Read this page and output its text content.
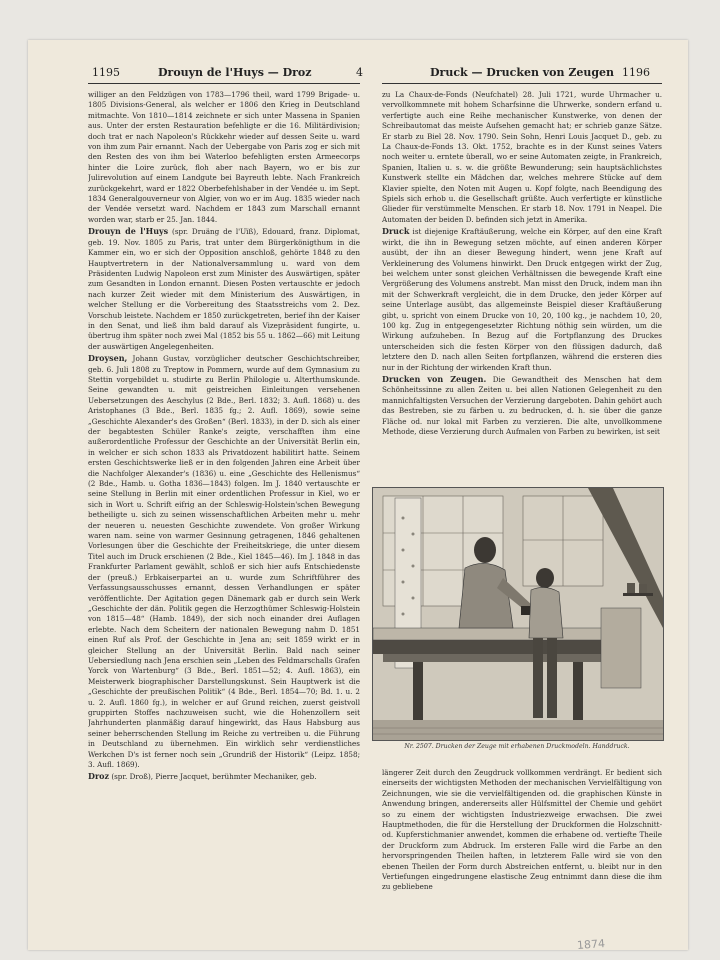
1195	Drouyn de l'Huys — Droz	4	Druck — Drucken von Zeugen 1196

williger an den Feldzügen von 1783—1796 theil, ward 1799 Brigade- u. 1805 Divisions-General, als welcher er 1806 den Krieg in Deutschland mitmachte. Von 1810—1814 zeichnete er sich unter Massena in Spanien aus. Unter der ersten Restauration befehligte er die 16. Militärdivision; doch trat er nach Napoleon's Rückkehr wieder auf dessen Seite u. ward von ihm zum Pair ernannt. Nach der Uebergabe von Paris zog er sich mit den Resten des von ihm bei Waterloo befehligten ersten Armeecorps hinter die Loire zurück, floh aber nach Bayern, wo er bis zur Julirevolution auf einem Landgute bei Bayreuth lebte. Nach Frankreich zurückgekehrt, ward er 1822 Oberbefehlshaber in der Vendée u. im Sept. 1834 Generalgouverneur von Algier, von wo er im Aug. 1835 wieder nach der Vendée versetzt ward. Nachdem er 1843 zum Marschall ernannt worden war, starb er 25. Jan. 1844.

Drouyn de l'Huys (spr. Druäng de l'Uïß), Edouard, franz. Diplomat, geb. 19. Nov. 1805 zu Paris, trat unter dem Bürgerkönigthum in die Kammer ein, wo er sich der Opposition anschloß, gehörte 1848 zu den Hauptvertretern in der Nationalversammlung u. ward von dem Präsidenten Ludwig Napoleon erst zum Minister des Auswärtigen, später zum Gesandten in London ernannt. Diesen Posten vertauschte er jedoch nach kurzer Zeit wieder mit dem Ministerium des Auswärtigen, in welcher Stellung er die Vorbereitung des Staatsstreichs vom 2. Dez. Vorschub leistete. Nachdem er 1850 zurückgetreten, berief ihn der Kaiser in den Senat, und ließ ihm bald darauf als Vizepräsident fungirte, u. übertrug ihm später noch zwei Mal (1852 bis 55 u. 1862—66) mit Leitung der auswärtigen Angelegenheiten.

Droysen, Johann Gustav, vorzüglicher deutscher Geschichtschreiber, geb. 6. Juli 1808 zu Treptow in Pommern, wurde auf dem Gymnasium zu Stettin vorgebildet u. studirte zu Berlin Philologie u. Alterthumskunde. Seine gewandten u. mit geistreichen Einleitungen versehenen Uebersetzungen des Aeschylus (2 Bde., Berl. 1832; 3. Aufl. 1868) u. des Aristophanes (3 Bde., Berl. 1835 fg.; 2. Aufl. 1869), sowie seine „Geschichte Alexander's des Großen“ (Berl. 1833), in der D. sich als einer der begabtesten Schüler Ranke's zeigte, verschafften ihm eine außerordentliche Professur der Geschichte an der Universität Berlin ein, in welcher er sich schon 1833 als Privatdozent habilitirt hatte. Seinem ersten Geschichtswerke ließ er in den folgenden Jahren eine Arbeit über die Nachfolger Alexander's (1836) u. eine „Geschichte des Hellenismus“ (2 Bde., Hamb. u. Gotha 1836—1843) folgen. Im J. 1840 vertauschte er seine Stellung in Berlin mit einer ordentlichen Professur in Kiel, wo er sich in Wort u. Schrift eifrig an der Schleswig-Holstein'schen Bewegung betheiligte u. sich zu seinen wissenschaftlichen Arbeiten mehr u. mehr der neueren u. neuesten Geschichte zuwendete. Von großer Wirkung waren nam. seine von warmer Gesinnung getragenen, 1846 gehaltenen Vorlesungen über die Geschichte der Freiheitskriege, die unter diesem Titel auch im Druck erschienen (2 Bde., Kiel 1845—46). Im J. 1848 in das Frankfurter Parlament gewählt, schloß er sich hier aufs Entschiedenste der (preuß.) Erbkaiserpartei an u. wurde zum Schriftführer des Verfassungsausschusses ernannt, dessen Verhandlungen er später veröffentlichte. Der Agitation gegen Dänemark gab er durch sein Werk „Geschichte der dän. Politik gegen die Herzogthümer Schleswig-Holstein von 1815—48“ (Hamb. 1849), der sich noch einander drei Auflagen erlebte. Nach dem Scheitern der nationalen Bewegung nahm D. 1851 einen Ruf als Prof. der Geschichte in Jena an; seit 1859 wirkt er in gleicher Stellung an der Universität Berlin. Bald nach seiner Uebersiedlung nach Jena erschien sein „Leben des Feldmarschalls Grafen Yorck von Wartenburg“ (3 Bde., Berl. 1851—52; 4. Aufl. 1863), ein Meisterwerk biographischer Darstellungskunst. Sein Hauptwerk ist die „Geschichte der preußischen Politik“ (4 Bde., Berl. 1854—70; Bd. 1. u. 2 u. 2. Aufl. 1860 fg.), in welcher er auf Grund reichen, zuerst geistvoll gruppirten Stoffes nachzuweisen sucht, wie die Hohenzollern seit Jahrhunderten planmäßig darauf hingewirkt, das Haus Habsburg aus seiner beherrschenden Stellung im Reiche zu vertreiben u. die Führung in Deutschland zu übernehmen. Ein wirklich sehr verdienstliches Werkchen D's ist ferner noch sein „Grundriß der Historik“ (Leipz. 1858; 3. Aufl. 1869).

Droz (spr. Droß), Pierre Jacquet, berühmter Mechaniker, geb.

zu La Chaux-de-Fonds (Neufchatel) 28. Juli 1721, wurde Uhrmacher u. vervollkommnete mit hohem Scharfsinne die Uhrwerke, sondern erfand u. verfertigte auch eine Reihe mechanischer Kunstwerke, von denen der Schreibautomat das meiste Aufsehen gemacht hat; er schrieb ganze Sätze. Er starb zu Biel 28. Nov. 1790. Sein Sohn, Henri Louis Jacquet D., geb. zu La Chaux-de-Fonds 13. Okt. 1752, brachte es in der Kunst seines Vaters noch weiter u. erntete überall, wo er seine Automaten zeigte, in Frankreich, Spanien, Italien u. s. w. die größte Bewunderung; sein hauptsächlichstes Kunstwerk stellte ein Mädchen dar, welches mehrere Stücke auf dem Klavier spielte, den Noten mit Augen u. Kopf folgte, nach Beendigung des Spiels sich erhob u. die Gesellschaft grüßte. Auch verfertigte er künstliche Glieder für verstümmelte Menschen. Er starb 18. Nov. 1791 in Neapel. Die Automaten der beiden D. befinden sich jetzt in Amerika.

Druck ist diejenige Kraftäußerung, welche ein Körper, auf den eine Kraft wirkt, die ihn in Bewegung setzen möchte, auf einen anderen Körper ausübt, der ihn an dieser Bewegung hindert, wenn jene Kraft auf Verkleinerung des Volumens hinwirkt. Den Druck entgegen wirkt der Zug, bei welchem unter sonst gleichen Verhältnissen die bewegende Kraft eine Vergrößerung des Volumens anstrebt. Man misst den Druck, indem man ihn mit der Schwerkraft vergleicht, die in dem Drucke, den jeder Körper auf seine Unterlage ausübt, das allgemeinste Beispiel dieser Kraftäußerung gibt, u. spricht von einem Drucke von 10, 20, 100 kg., je nachdem 10, 20, 100 kg. Zug in entgegengesetzter Richtung nöthig sein würden, um die Wirkung aufzuheben. In Bezug auf die Fortpflanzung des Druckes unterscheiden sich die festen Körper von den flüssigen dadurch, daß letztere den D. nach allen Seiten fortpflanzen, während die ersteren dies nur in der Richtung der wirkenden Kraft thun.

Drucken von Zeugen. Die Gewandtheit des Menschen hat dem Schönheitssinne zu allen Zeiten u. bei allen Nationen Gelegenheit zu den mannichfaltigsten Versuchen der Verzierung dargeboten. Dahin gehört auch das Bestreben, sie zu färben u. zu bedrucken, d. h. sie über die ganze Fläche od. nur lokal mit Farben zu verzieren. Die alte, unvollkommene Methode, diese Verzierung durch Aufmalen von Farben zu bewirken, ist seit

Nr. 2507. Drucken der Zeuge mit erhabenen Druckmodeln. Handdruck.

längerer Zeit durch den Zeugdruck vollkommen verdrängt. Er bedient sich einerseits der wichtigsten Methoden der mechanischen Vervielfältigung von Zeichnungen, wie sie die vervielfältigenden od. die graphischen Künste in Anwendung bringen, andererseits aller Hülfsmittel der Chemie und gehört so zu einem der wichtigsten Industriezweige erwachsen. Die zwei Hauptmethoden, die für die Herstellung der Druckformen die Holzschnitt- od. Kupferstichmanier anwendet, kommen die erhabene od. vertiefte Theile der Druckform zum Abdruck. Im ersteren Falle wird die Farbe an den hervorspringenden Theilen haften, in letzterem Falle wird sie von den ebenen Theilen der Form durch Abstreichen entfernt, u. bleibt nur in den Vertiefungen eingedrungene elastische Zeug entnimmt dann diese die ihm zu gebliebene

1874
